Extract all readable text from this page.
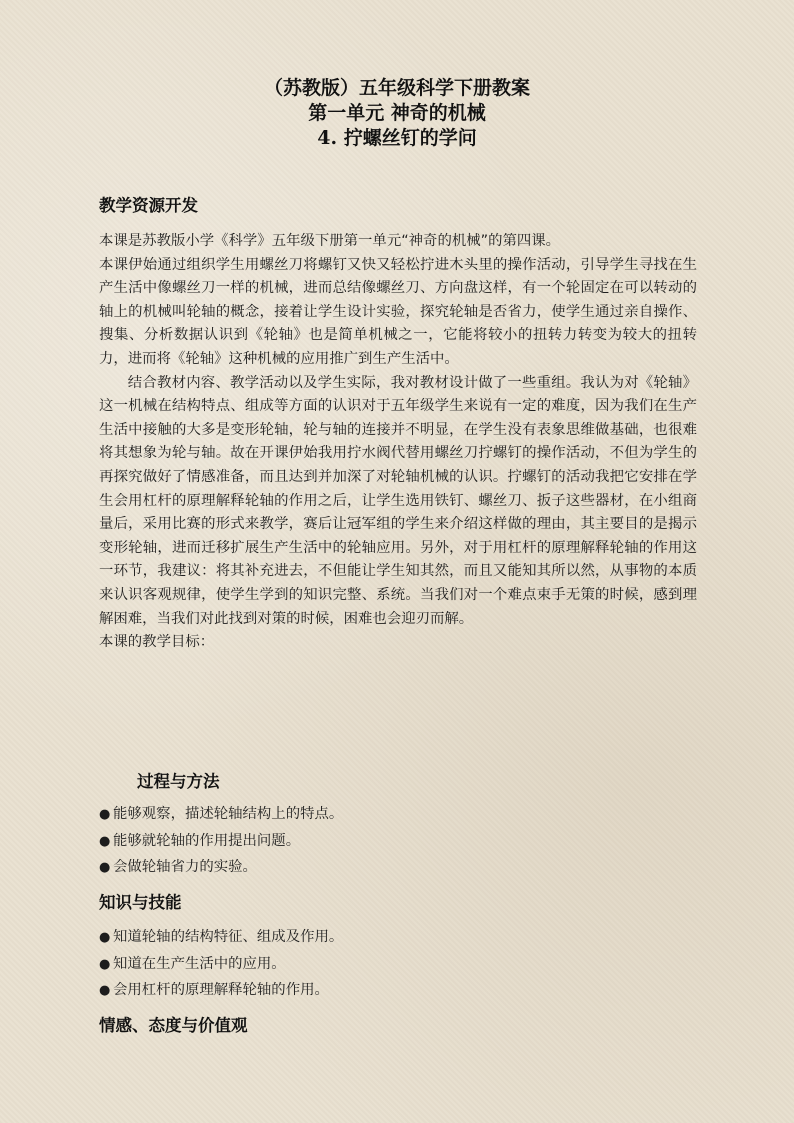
（苏教版）五年级科学下册教案
第一单元 神奇的机械
4. 拧螺丝钉的学问
教学资源开发

本课是苏教版小学《科学》五年级下册第一单元“神奇的机械”的第四课。

本课伊始通过组织学生用螺丝刀将螺钉又快又轻松拧进木头里的操作活动，引导学生寻找在生产生活中像螺丝刀一样的机械，进而总结像螺丝刀、方向盘这样，有一个轮固定在可以转动的轴上的机械叫轮轴的概念，接着让学生设计实验，探究轮轴是否省力，使学生通过亲自操作、搜集、分析数据认识到《轮轴》也是简单机械之一，它能将较小的扭转力转变为较大的扭转力，进而将《轮轴》这种机械的应用推广到生产生活中。

结合教材内容、教学活动以及学生实际，我对教材设计做了一些重组。我认为对《轮轴》这一机械在结构特点、组成等方面的认识对于五年级学生来说有一定的难度，因为我们在生产生活中接触的大多是变形轮轴，轮与轴的连接并不明显，在学生没有表象思维做基础，也很难将其想象为轮与轴。故在开课伊始我用拧水阀代替用螺丝刀拧螺钉的操作活动，不但为学生的再探究做好了情感准备，而且达到并加深了对轮轴机械的认识。拧螺钉的活动我把它安排在学生会用杠杆的原理解释轮轴的作用之后，让学生选用铁钉、螺丝刀、扳子这些器材，在小组商量后，采用比赛的形式来教学，赛后让冠军组的学生来介绍这样做的理由，其主要目的是揭示变形轮轴，进而迁移扩展生产生活中的轮轴应用。另外，对于用杠杆的原理解释轮轴的作用这一环节，我建议：将其补充进去，不但能让学生知其然，而且又能知其所以然，从事物的本质来认识客观规律，使学生学到的知识完整、系统。当我们对一个难点束手无策的时候，感到理解困难，当我们对此找到对策的时候，困难也会迎刃而解。

本课的教学目标：

过程与方法
● 能够观察，描述轮轴结构上的特点。
● 能够就轮轴的作用提出问题。
● 会做轮轴省力的实验。
知识与技能
● 知道轮轴的结构特征、组成及作用。
● 知道在生产生活中的应用。
● 会用杠杆的原理解释轮轴的作用。
情感、态度与价值观
